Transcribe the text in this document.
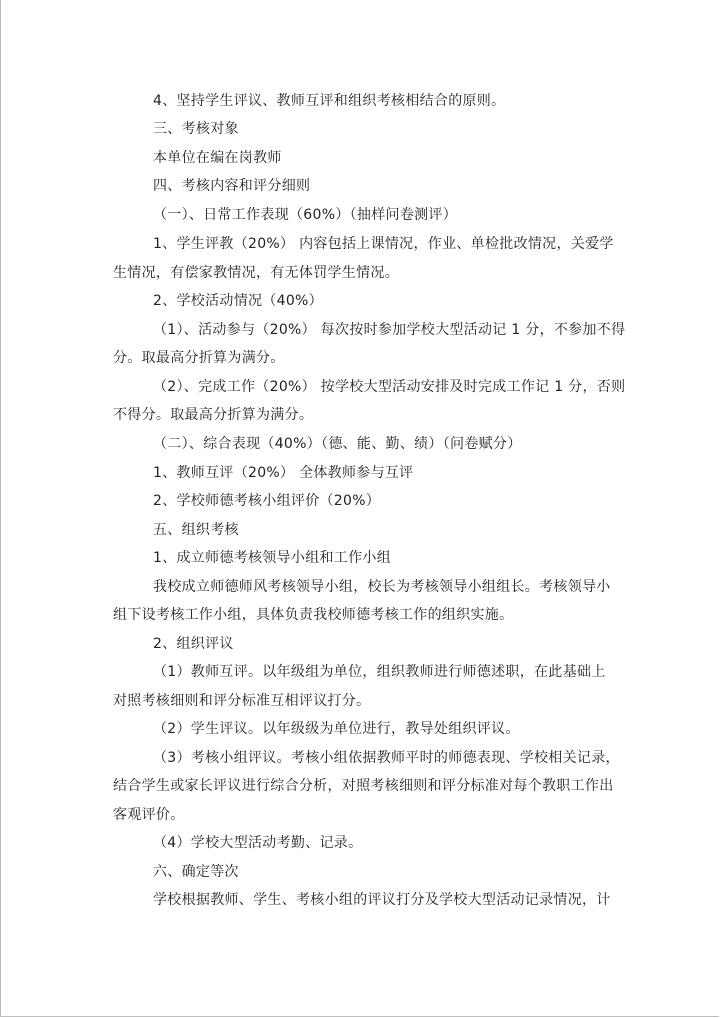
4、坚持学生评议、教师互评和组织考核相结合的原则。
三、考核对象
本单位在编在岗教师
四、考核内容和评分细则
（一）、日常工作表现（60%）（抽样问卷测评）
1、学生评教（20%） 内容包括上课情况，作业、单检批改情况，关爱学
生情况，有偿家教情况，有无体罚学生情况。
2、学校活动情况（40%）
（1）、活动参与（20%） 每次按时参加学校大型活动记 1 分，不参加不得
分。取最高分折算为满分。
（2）、完成工作（20%） 按学校大型活动安排及时完成工作记 1 分，否则
不得分。取最高分折算为满分。
（二）、综合表现（40%）（德、能、勤、绩）（问卷赋分）
1、教师互评（20%） 全体教师参与互评
2、学校师德考核小组评价（20%）
五、组织考核
1、成立师德考核领导小组和工作小组
我校成立师德师风考核领导小组，校长为考核领导小组组长。考核领导小
组下设考核工作小组，具体负责我校师德考核工作的组织实施。
2、组织评议
（1）教师互评。以年级组为单位，组织教师进行师德述职，在此基础上
对照考核细则和评分标准互相评议打分。
（2）学生评议。以年级级为单位进行，教导处组织评议。
（3）考核小组评议。考核小组依据教师平时的师德表现、学校相关记录，
结合学生或家长评议进行综合分析，对照考核细则和评分标准对每个教职工作出
客观评价。
（4）学校大型活动考勤、记录。
六、确定等次
学校根据教师、学生、考核小组的评议打分及学校大型活动记录情况，计
